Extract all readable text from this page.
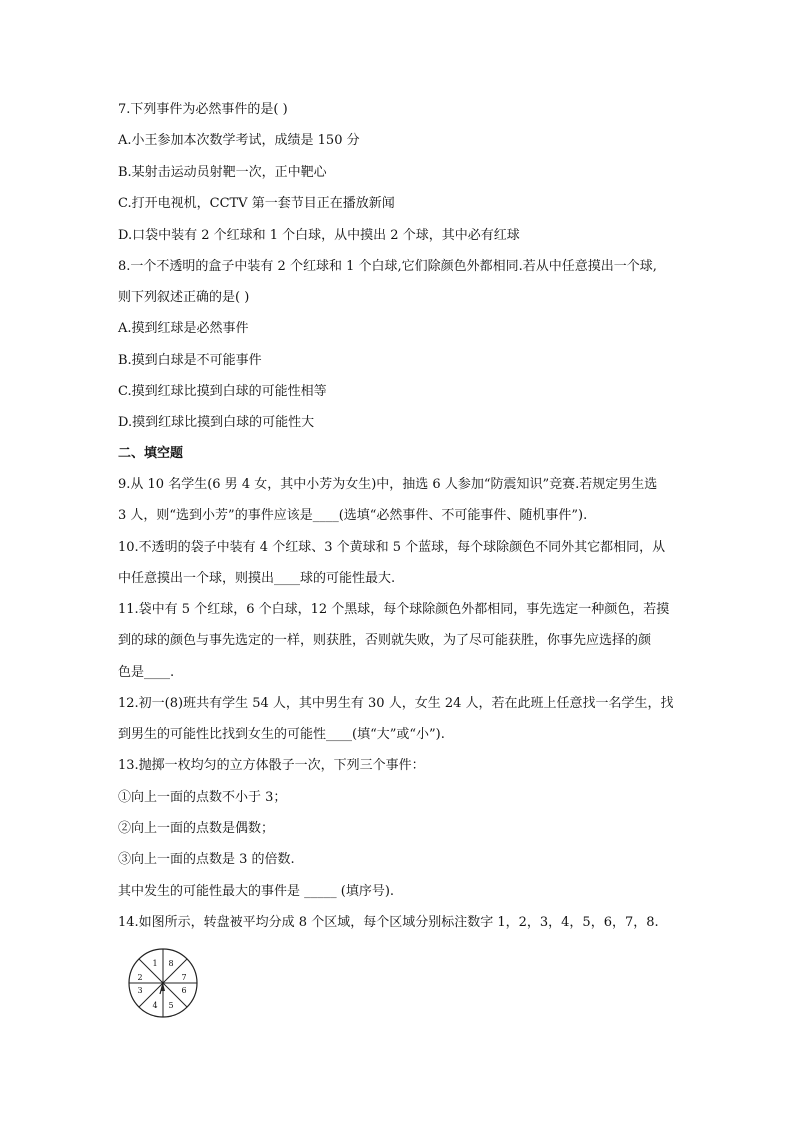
7.下列事件为必然事件的是( )
A.小王参加本次数学考试，成绩是 150 分
B.某射击运动员射靶一次，正中靶心
C.打开电视机，CCTV 第一套节目正在播放新闻
D.口袋中装有 2 个红球和 1 个白球，从中摸出 2 个球，其中必有红球
8.一个不透明的盒子中装有 2 个红球和 1 个白球,它们除颜色外都相同.若从中任意摸出一个球,
则下列叙述正确的是( )
A.摸到红球是必然事件
B.摸到白球是不可能事件
C.摸到红球比摸到白球的可能性相等
D.摸到红球比摸到白球的可能性大
二、填空题
9.从 10 名学生(6 男 4 女，其中小芳为女生)中，抽选 6 人参加“防震知识”竞赛.若规定男生选
3 人，则“选到小芳”的事件应该是____(选填“必然事件、不可能事件、随机事件”).
10.不透明的袋子中装有 4 个红球、3 个黄球和 5 个蓝球，每个球除颜色不同外其它都相同，从
中任意摸出一个球，则摸出____球的可能性最大.
11.袋中有 5 个红球，6 个白球，12 个黑球，每个球除颜色外都相同，事先选定一种颜色，若摸
到的球的颜色与事先选定的一样，则获胜，否则就失败，为了尽可能获胜，你事先应选择的颜
色是____.
12.初一(8)班共有学生 54 人，其中男生有 30 人，女生 24 人，若在此班上任意找一名学生，找
到男生的可能性比找到女生的可能性____(填“大”或“小”).
13.抛掷一枚均匀的立方体骰子一次，下列三个事件：
①向上一面的点数不小于 3；
②向上一面的点数是偶数；
③向上一面的点数是 3 的倍数.
其中发生的可能性最大的事件是 _____ (填序号).
14.如图所示，转盘被平均分成 8 个区域，每个区域分别标注数字 1，2，3，4，5，6，7，8.
1
2
3
4 5
6
7
8
